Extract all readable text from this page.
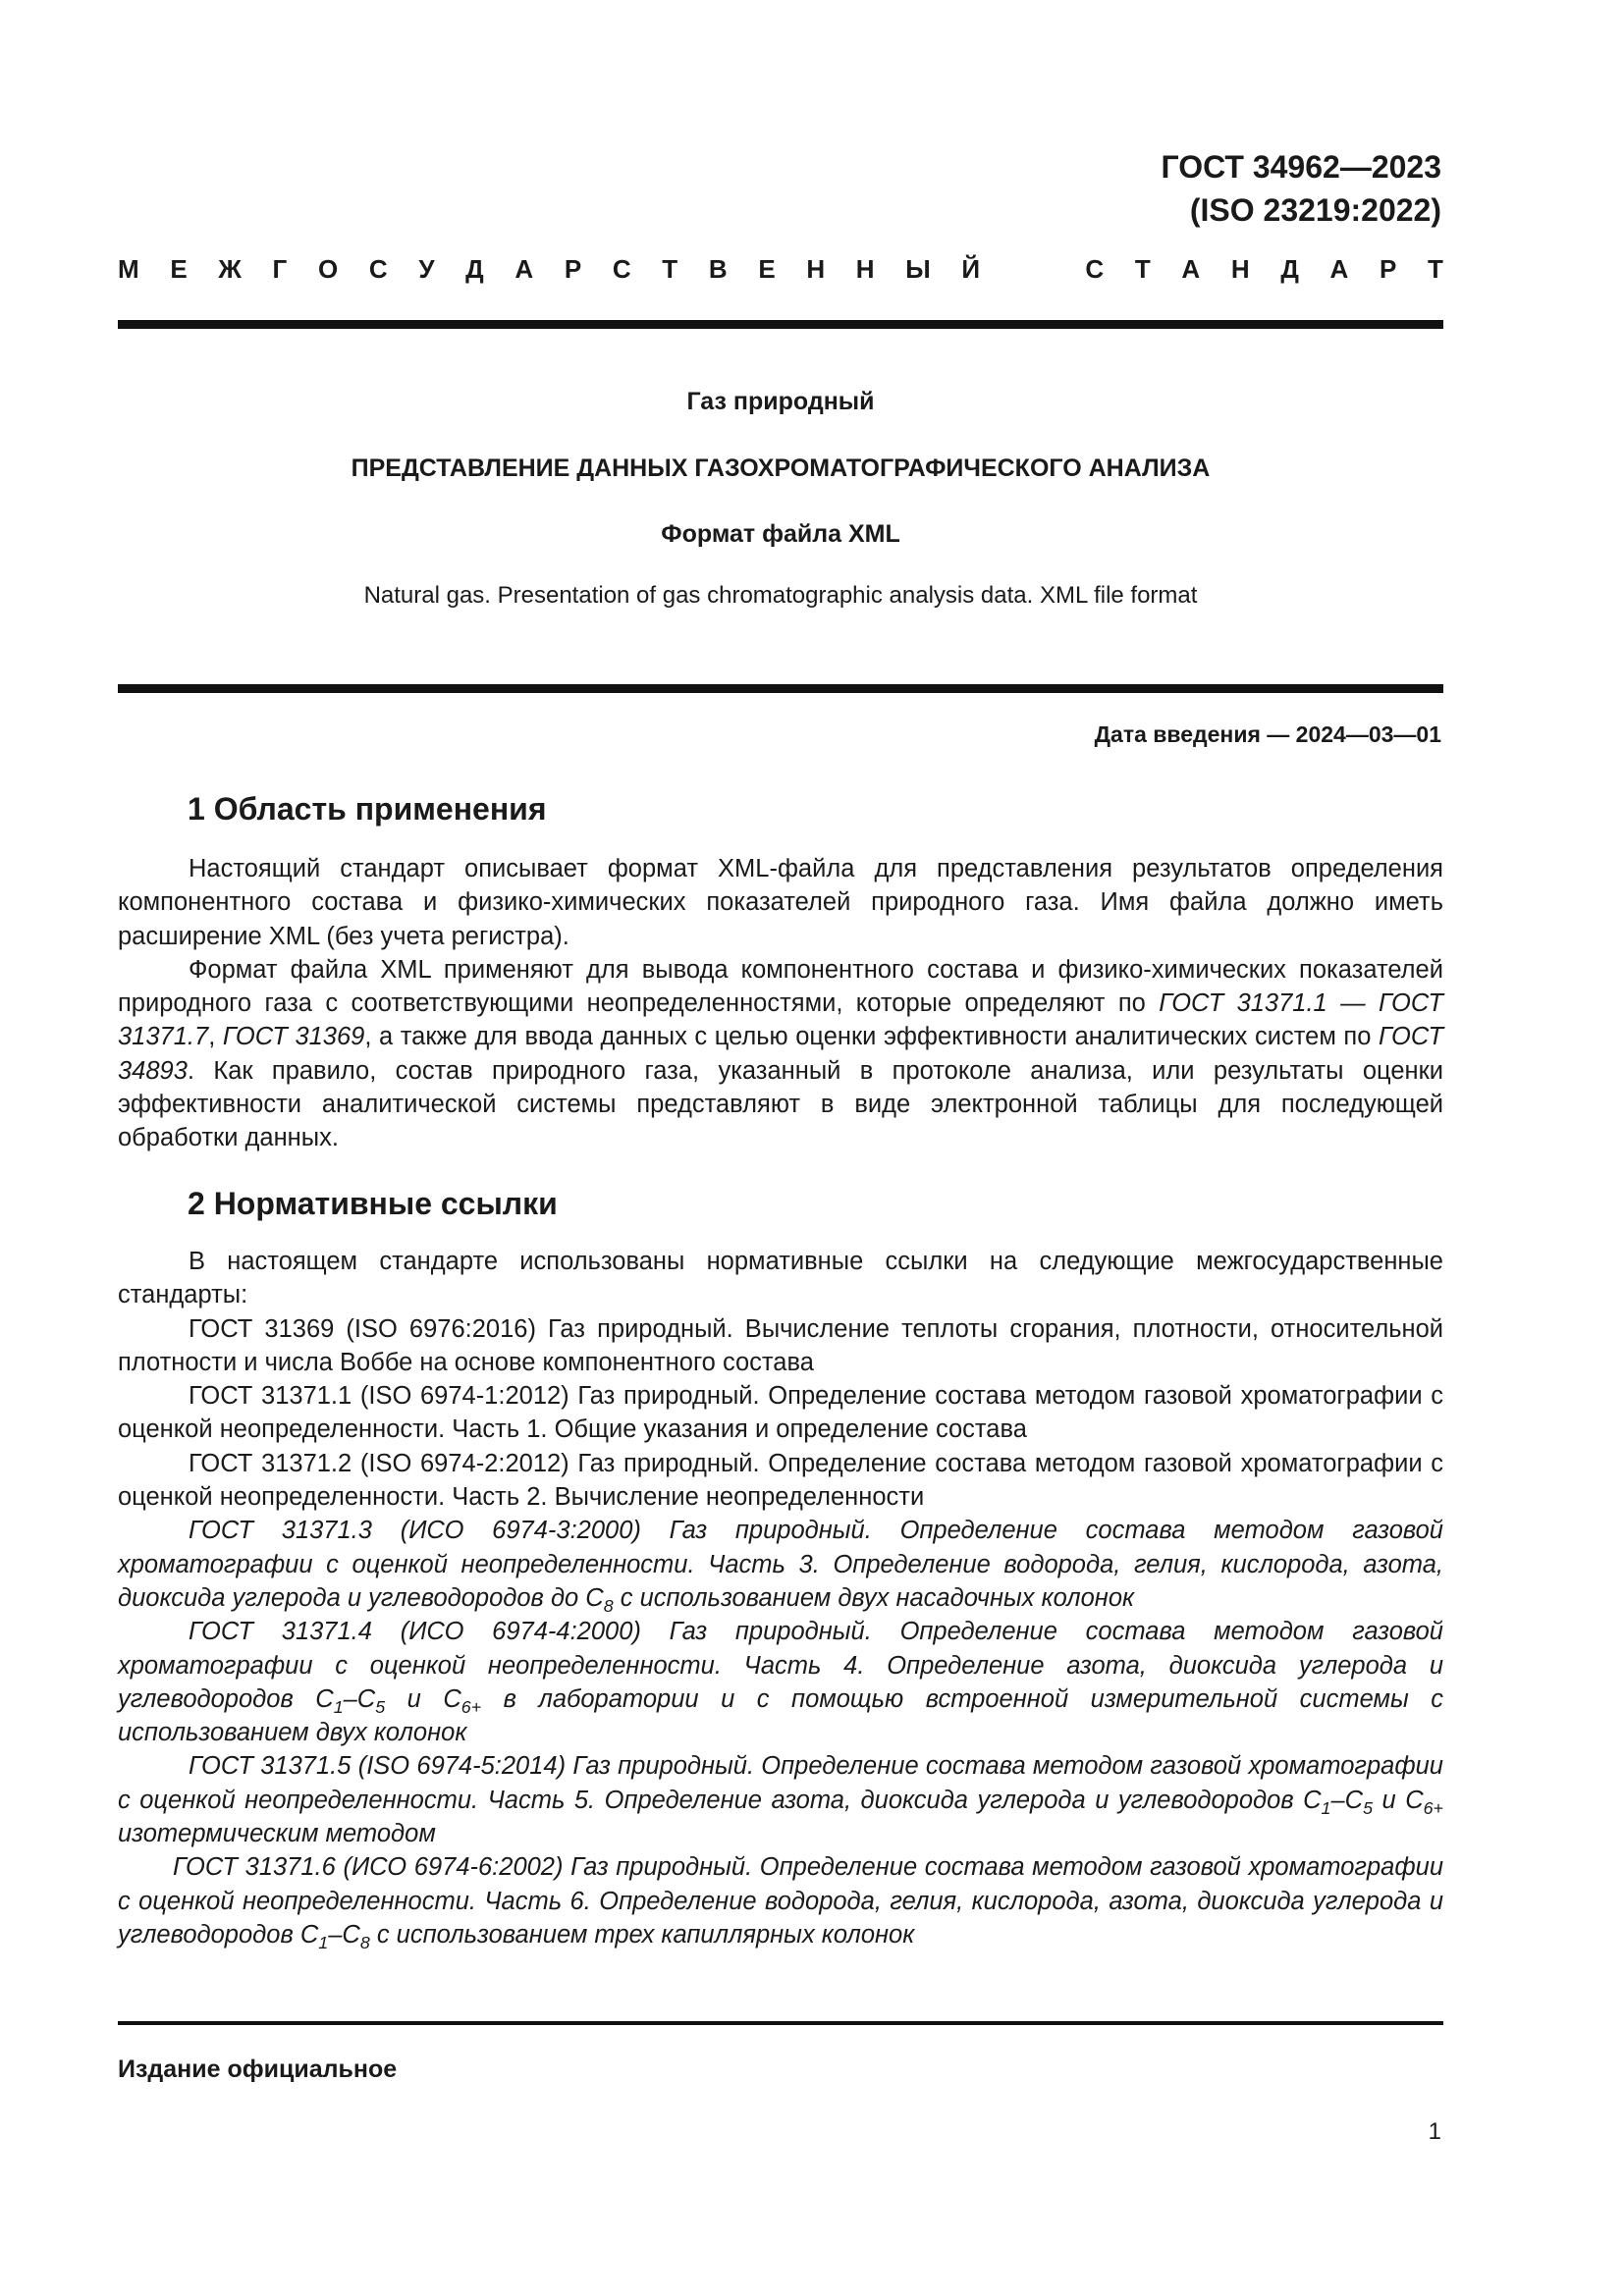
ГОСТ 34962—2023
(ISO 23219:2022)
М Е Ж Г О С У Д А Р С Т В Е Н Н Ы Й	С Т А Н Д А Р Т
Газ природный
ПРЕДСТАВЛЕНИЕ ДАННЫХ ГАЗОХРОМАТОГРАФИЧЕСКОГО АНАЛИЗА
Формат файла XML
Natural gas. Presentation of gas chromatographic analysis data. XML file format
Дата введения — 2024—03—01
1 Область применения

Настоящий стандарт описывает формат XML-файла для представления результатов определения компонентного состава и физико-химических показателей природного газа. Имя файла должно иметь расширение XML (без учета регистра).

Формат файла XML применяют для вывода компонентного состава и физико-химических показателей природного газа с соответствующими неопределенностями, которые определяют по ГОСТ 31371.1 — ГОСТ 31371.7, ГОСТ 31369, а также для ввода данных с целью оценки эффективности аналитических систем по ГОСТ 34893. Как правило, состав природного газа, указанный в протоколе анализа, или результаты оценки эффективности аналитической системы представляют в виде электронной таблицы для последующей обработки данных.

2 Нормативные ссылки

В настоящем стандарте использованы нормативные ссылки на следующие межгосударственные стандарты:

ГОСТ 31369 (ISO 6976:2016) Газ природный. Вычисление теплоты сгорания, плотности, относительной плотности и числа Воббе на основе компонентного состава

ГОСТ 31371.1 (ISO 6974-1:2012) Газ природный. Определение состава методом газовой хроматографии с оценкой неопределенности. Часть 1. Общие указания и определение состава

ГОСТ 31371.2 (ISO 6974-2:2012) Газ природный. Определение состава методом газовой хроматографии с оценкой неопределенности. Часть 2. Вычисление неопределенности

ГОСТ 31371.3 (ИСО 6974-3:2000) Газ природный. Определение состава методом газовой хроматографии с оценкой неопределенности. Часть 3. Определение водорода, гелия, кислорода, азота, диоксида углерода и углеводородов до $C_8$ с использованием двух насадочных колонок

ГОСТ 31371.4 (ИСО 6974-4:2000) Газ природный. Определение состава методом газовой хроматографии с оценкой неопределенности. Часть 4. Определение азота, диоксида углерода и углеводородов $C_1-C_5$ и $C_{6+}$ в лаборатории и с помощью встроенной измерительной системы с использованием двух колонок

ГОСТ 31371.5 (ISO 6974-5:2014) Газ природный. Определение состава методом газовой хроматографии с оценкой неопределенности. Часть 5. Определение азота, диоксида углерода и углеводородов $C_1-C_5$ и $C_{6+}$ изотермическим методом

ГОСТ 31371.6 (ИСО 6974-6:2002) Газ природный. Определение состава методом газовой хроматографии с оценкой неопределенности. Часть 6. Определение водорода, гелия, кислорода, азота, диоксида углерода и углеводородов $C_1-C_8$ с использованием трех капиллярных колонок

Издание официальное
1
